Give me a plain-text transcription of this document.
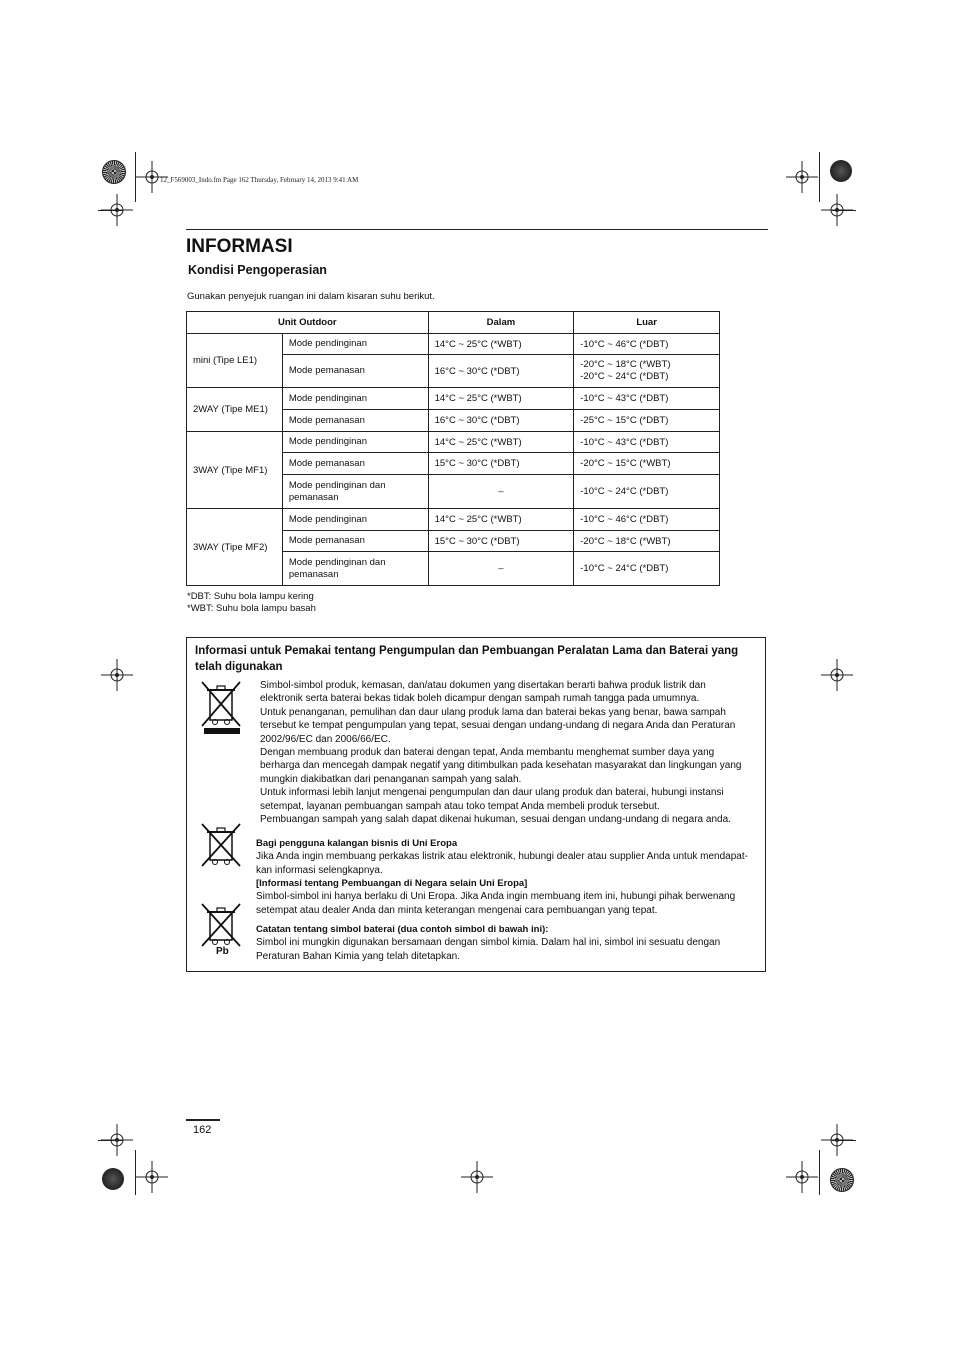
12_F569003_Indo.fm Page 162 Thursday, February 14, 2013 9:41 AM
INFORMASI
Kondisi Pengoperasian
Gunakan penyejuk ruangan ini dalam kisaran suhu berikut.
Unit Outdoor		Dalam	Luar
mini (Tipe LE1)	Mode pendinginan	14°C ~ 25°C (*WBT)	-10°C ~ 46°C (*DBT)
	Mode pemanasan	16°C ~ 30°C (*DBT)	-20°C ~ 18°C (*WBT)
-20°C ~ 24°C (*DBT)

2WAY (Tipe ME1)	Mode pendinginan	14°C ~ 25°C (*WBT)	-10°C ~ 43°C (*DBT)
	Mode pemanasan	16°C ~ 30°C (*DBT)	-25°C ~ 15°C (*DBT)
3WAY (Tipe MF1)	Mode pendinginan	14°C ~ 25°C (*WBT)	-10°C ~ 43°C (*DBT)
	Mode pemanasan	15°C ~ 30°C (*DBT)	-20°C ~ 15°C (*WBT)

	Mode pendinginan dan
pemanasan	–	-10°C ~ 24°C (*DBT)
3WAY (Tipe MF2)	Mode pendinginan	14°C ~ 25°C (*WBT)	-10°C ~ 46°C (*DBT)
	Mode pemanasan	15°C ~ 30°C (*DBT)	-20°C ~ 18°C (*WBT)

	Mode pendinginan dan
pemanasan	–	-10°C ~ 24°C (*DBT)
*DBT: Suhu bola lampu kering
*WBT: Suhu bola lampu basah
Informasi untuk Pemakai tentang Pengumpulan dan Pembuangan Peralatan Lama dan Baterai yang
telah digunakan
Pb

Simbol-simbol produk, kemasan, dan/atau dokumen yang disertakan berarti bahwa produk listrik dan

elektronik serta baterai bekas tidak boleh dicampur dengan sampah rumah tangga pada umumnya.

Untuk penanganan, pemulihan dan daur ulang produk lama dan baterai bekas yang benar, bawa sampah

tersebut ke tempat pengumpulan yang tepat, sesuai dengan undang-undang di negara Anda dan Peraturan

2002/96/EC dan 2006/66/EC.

Dengan membuang produk dan baterai dengan tepat, Anda membantu menghemat sumber daya yang

berharga dan mencegah dampak negatif yang ditimbulkan pada kesehatan masyarakat dan lingkungan yang

mungkin diakibatkan dari penanganan sampah yang salah.

Untuk informasi lebih lanjut mengenai pengumpulan dan daur ulang produk dan baterai, hubungi instansi

setempat, layanan pembuangan sampah atau toko tempat Anda membeli produk tersebut.

Pembuangan sampah yang salah dapat dikenai hukuman, sesuai dengan undang-undang di negara anda.

Bagi pengguna kalangan bisnis di Uni Eropa

Jika Anda ingin membuang perkakas listrik atau elektronik, hubungi dealer atau supplier Anda untuk mendapat-

kan informasi selengkapnya.

[Informasi tentang Pembuangan di Negara selain Uni Eropa]

Simbol-simbol ini hanya berlaku di Uni Eropa. Jika Anda ingin membuang item ini, hubungi pihak berwenang

setempat atau dealer Anda dan minta keterangan mengenai cara pembuangan yang tepat.

Catatan tentang simbol baterai (dua contoh simbol di bawah ini):

Simbol ini mungkin digunakan bersamaan dengan simbol kimia. Dalam hal ini, simbol ini sesuatu dengan

Peraturan Bahan Kimia yang telah ditetapkan.

162
